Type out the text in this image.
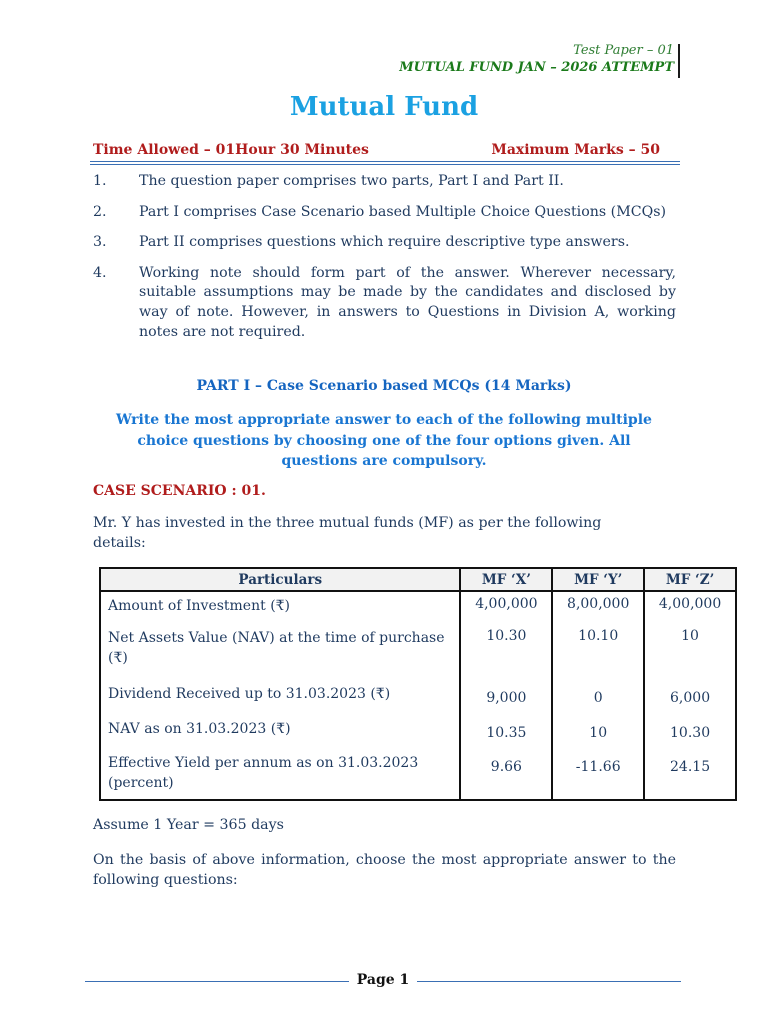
Test Paper – 01
MUTUAL FUND JAN – 2026 ATTEMPT
Mutual Fund
Time Allowed – 01Hour 30 Minutes	Maximum Marks – 50
1.	The question paper comprises two parts, Part I and Part II.
2.	Part I comprises Case Scenario based Multiple Choice Questions (MCQs)
3.	Part II comprises questions which require descriptive type answers.
4.	Working note should form part of the answer. Wherever necessary, suitable assumptions may be made by the candidates and disclosed by way of note. However, in answers to Questions in Division A, working notes are not required.
PART I – Case Scenario based MCQs (14 Marks)
Write the most appropriate answer to each of the following multiple choice questions by choosing one of the four options given. All questions are compulsory.
CASE SCENARIO : 01.
Mr. Y has invested in the three mutual funds (MF) as per the following details:
Particulars	MF ‘X’	MF ‘Y’	MF ‘Z’
Amount of Investment (₹)	4,00,000	8,00,000	4,00,000
Net Assets Value (NAV) at the time of purchase (₹)	10.30	10.10	10
Dividend Received up to 31.03.2023 (₹)	9,000	0	6,000
NAV as on 31.03.2023 (₹)	10.35	10	10.30
Effective Yield per annum as on 31.03.2023 (percent)	9.66	-11.66	24.15
Assume 1 Year = 365 days
On the basis of above information, choose the most appropriate answer to the following questions:
Page 1
